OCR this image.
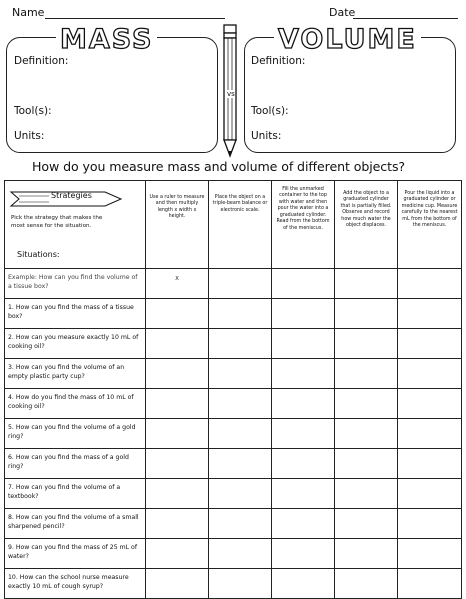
Name	Date
MASS
Definition:
Tool(s):
Units:
vs
VOLUME
Definition:
Tool(s):
Units:
How do you measure mass and volume of different objects?
Strategies
Pick the strategy that makes the most sense for the situation.
Situations:	Use a ruler to measure and then multiply length x width x height.	Place the object on a triple-beam balance or electronic scale.	Fill the unmarked container to the top with water and then pour the water into a graduated cylinder. Read from the bottom of the meniscus.	Add the object to a graduated cylinder that is partially filled. Observe and record how much water the object displaces.	Pour the liquid into a graduated cylinder or medicine cup. Measure carefully to the nearest mL from the bottom of the meniscus.
Example: How can you find the volume of a tissue box?	X				
1. How can you find the mass of a tissue box?					
2. How can you measure exactly 10 mL of cooking oil?					
3. How can you find the volume of an empty plastic party cup?					
4. How do you find the mass of 10 mL of cooking oil?					
5. How can you find the volume of a gold ring?					
6. How can you find the mass of a gold ring?					
7. How can you find the volume of a textbook?					
8. How can you find the volume of a small sharpened pencil?					
9. How can you find the mass of 25 mL of water?					
10. How can the school nurse measure exactly 10 mL of cough syrup?					
